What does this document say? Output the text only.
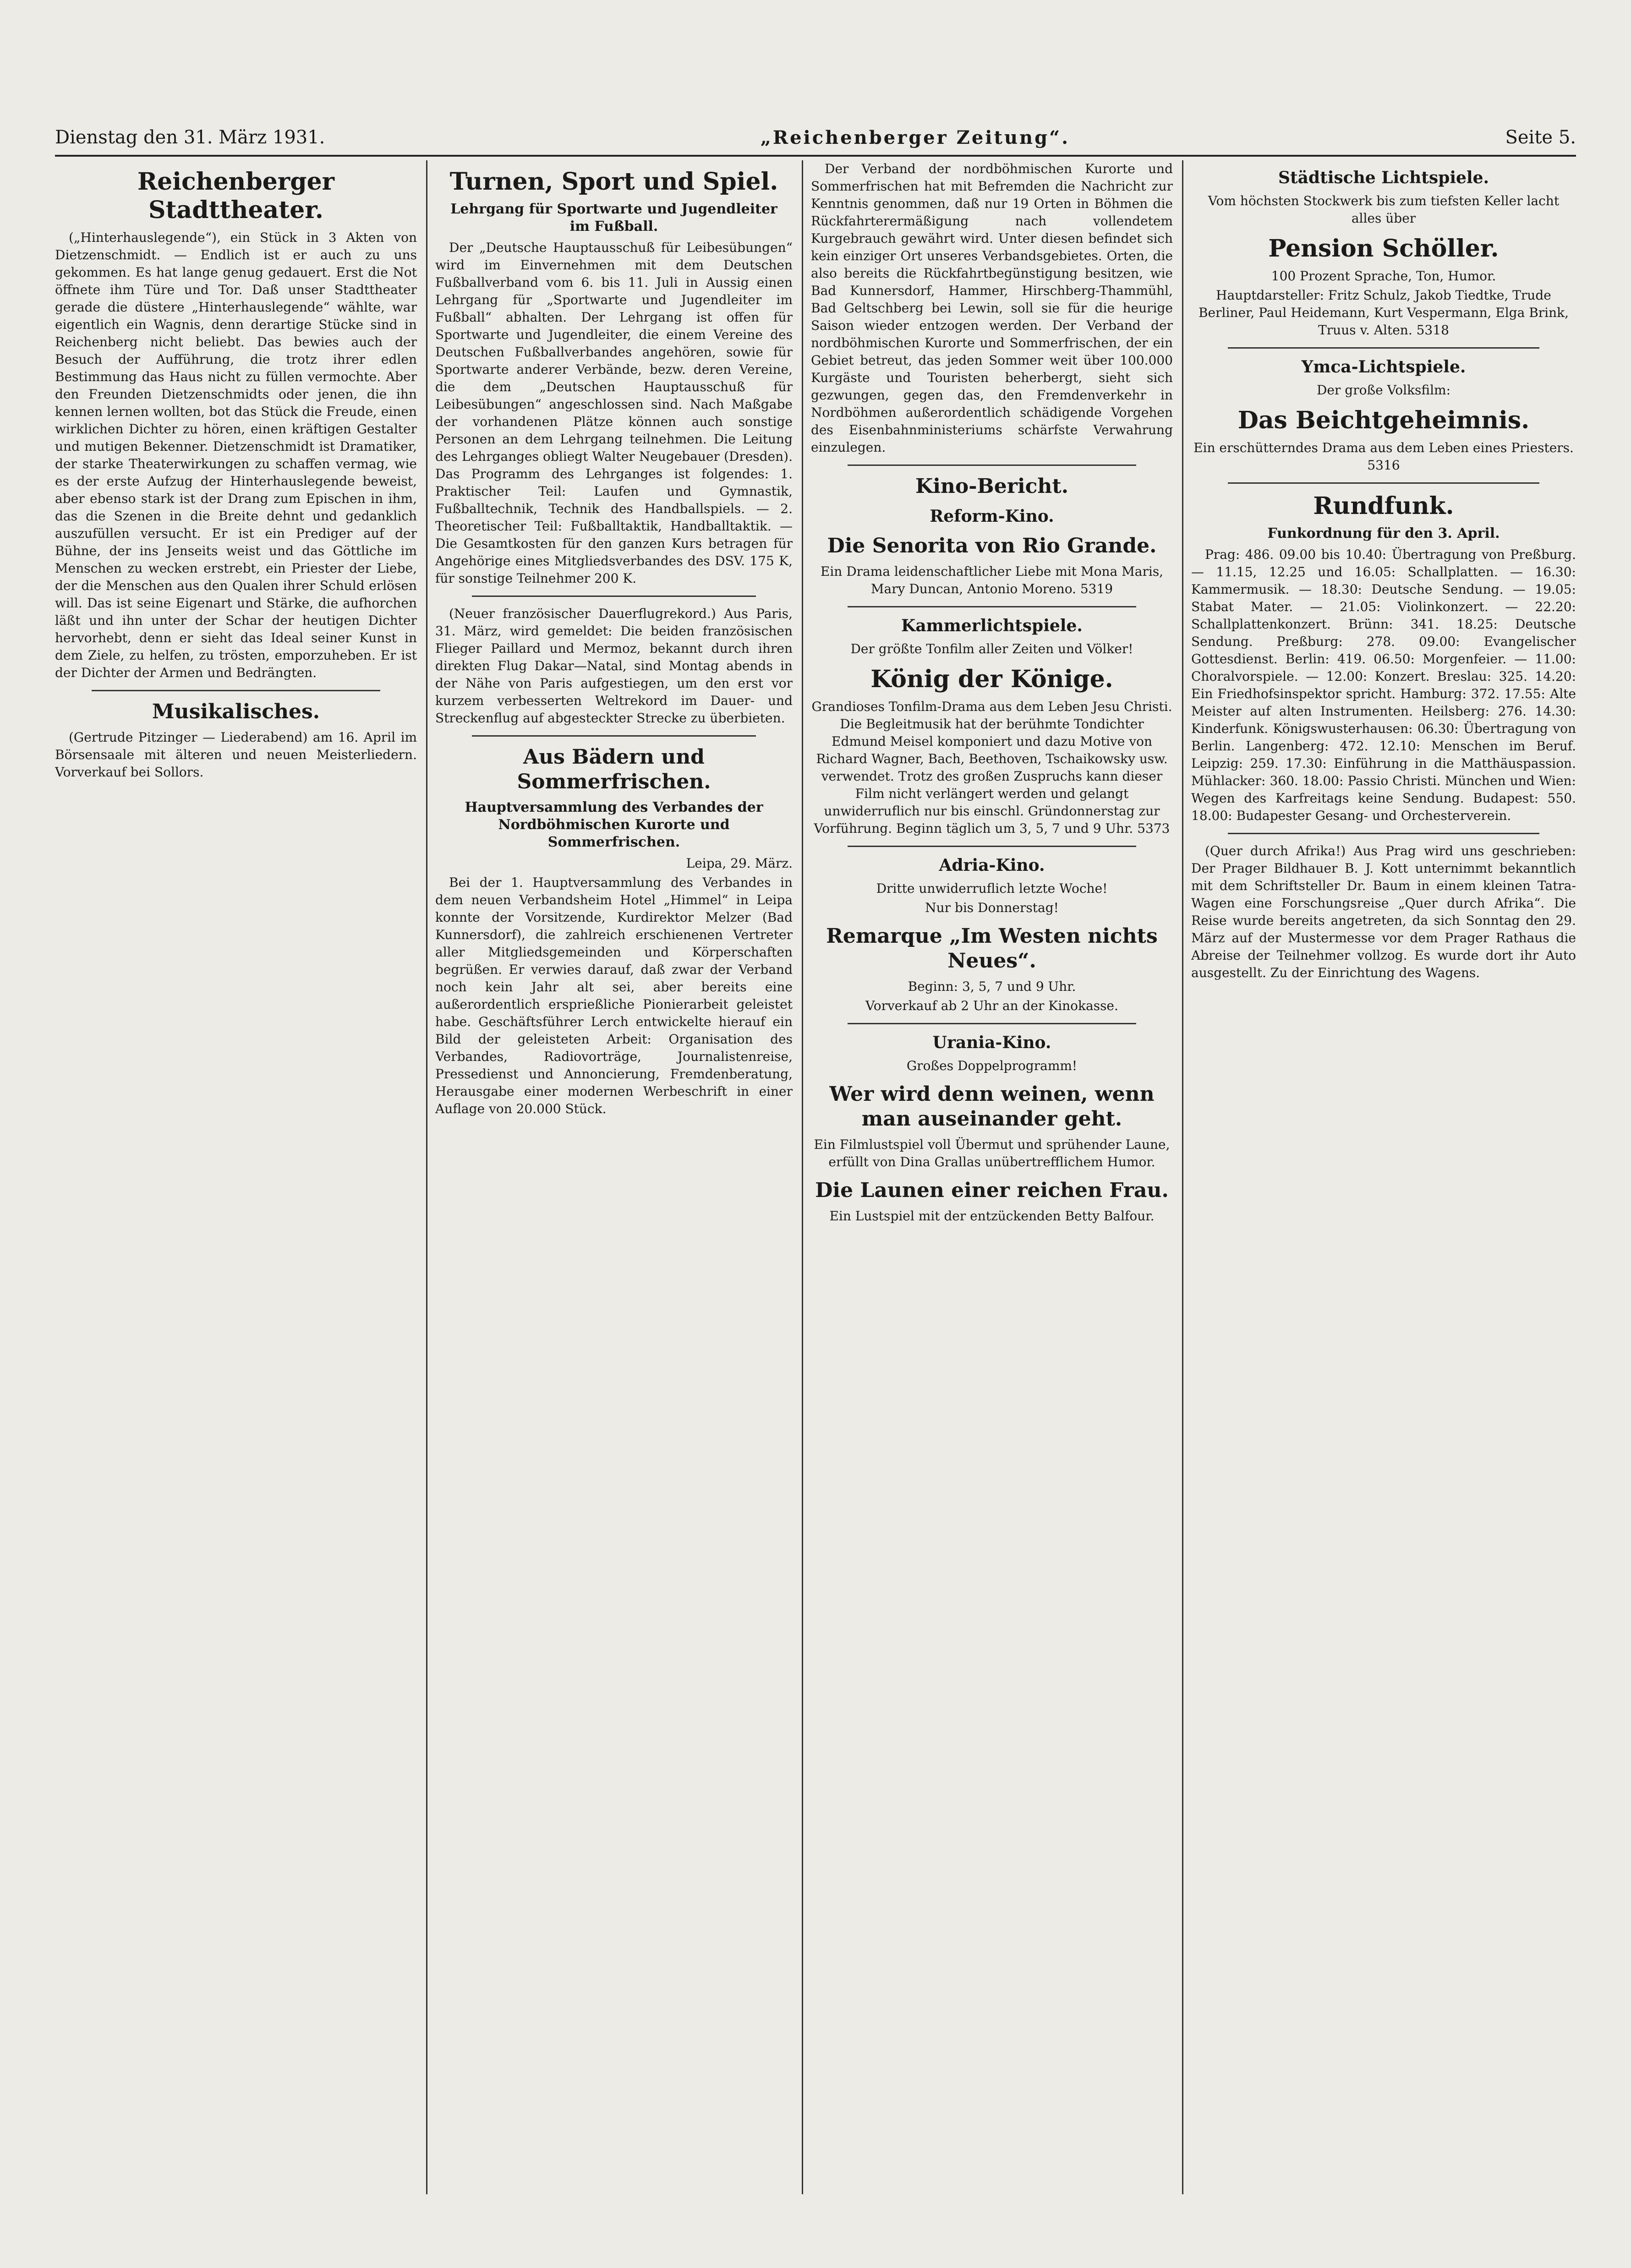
Dienstag den 31. März 1931.	„Reichenberger Zeitung“.	Seite 5.
Reichenberger Stadttheater.
(„Hinterhauslegende“), ein Stück in 3 Akten von Dietzenschmidt. — Endlich ist er auch zu uns gekommen. Es hat lange genug gedauert. Erst die Not öffnete ihm Türe und Tor. Daß unser Stadttheater gerade die düstere „Hinterhauslegende“ wählte, war eigentlich ein Wagnis, denn derartige Stücke sind in Reichenberg nicht beliebt. Das bewies auch der Besuch der Aufführung, die trotz ihrer edlen Bestimmung das Haus nicht zu füllen vermochte. Aber den Freunden Dietzenschmidts oder jenen, die ihn kennen lernen wollten, bot das Stück die Freude, einen wirklichen Dichter zu hören, einen kräftigen Gestalter und mutigen Bekenner. Dietzenschmidt ist Dramatiker, der starke Theaterwirkungen zu schaffen vermag, wie es der erste Aufzug der Hinterhauslegende beweist, aber ebenso stark ist der Drang zum Epischen in ihm, das die Szenen in die Breite dehnt und gedanklich auszufüllen versucht. Er ist ein Prediger auf der Bühne, der ins Jenseits weist und das Göttliche im Menschen zu wecken erstrebt, ein Priester der Liebe, der die Menschen aus den Qualen ihrer Schuld erlösen will. Das ist seine Eigenart und Stärke, die aufhorchen läßt und ihn unter der Schar der heutigen Dichter hervorhebt, denn er sieht das Ideal seiner Kunst in dem Ziele, zu helfen, zu trösten, emporzuheben. Er ist der Dichter der Armen und Bedrängten.
Musikalisches.
(Gertrude Pitzinger — Liederabend) am 16. April im Börsensaale mit älteren und neuen Meisterliedern. Vorverkauf bei Sollors.
Turnen, Sport und Spiel.
Lehrgang für Sportwarte und Jugendleiter im Fußball.
Der „Deutsche Hauptausschuß für Leibesübungen“ wird im Einvernehmen mit dem Deutschen Fußballverband vom 6. bis 11. Juli in Aussig einen Lehrgang für „Sportwarte und Jugendleiter im Fußball“ abhalten. Der Lehrgang ist offen für Sportwarte und Jugendleiter, die einem Vereine des Deutschen Fußballverbandes angehören, sowie für Sportwarte anderer Verbände, bezw. deren Vereine, die dem „Deutschen Hauptausschuß für Leibesübungen“ angeschlossen sind. Nach Maßgabe der vorhandenen Plätze können auch sonstige Personen an dem Lehrgang teilnehmen. Die Leitung des Lehrganges obliegt Walter Neugebauer (Dresden). Das Programm des Lehrganges ist folgendes: 1. Praktischer Teil: Laufen und Gymnastik, Fußballtechnik, Technik des Handballspiels. — 2. Theoretischer Teil: Fußballtaktik, Handballtaktik. — Die Gesamtkosten für den ganzen Kurs betragen für Angehörige eines Mitgliedsverbandes des DSV. 175 K, für sonstige Teilnehmer 200 K.
(Neuer französischer Dauerflugrekord.) Aus Paris, 31. März, wird gemeldet: Die beiden französischen Flieger Paillard und Mermoz, bekannt durch ihren direkten Flug Dakar—Natal, sind Montag abends in der Nähe von Paris aufgestiegen, um den erst vor kurzem verbesserten Weltrekord im Dauer- und Streckenflug auf abgesteckter Strecke zu überbieten.
Aus Bädern und Sommerfrischen.
Hauptversammlung des Verbandes der Nordböhmischen Kurorte und Sommerfrischen.
Leipa, 29. März.
Bei der 1. Hauptversammlung des Verbandes in dem neuen Verbandsheim Hotel „Himmel“ in Leipa konnte der Vorsitzende, Kurdirektor Melzer (Bad Kunnersdorf), die zahlreich erschienenen Vertreter aller Mitgliedsgemeinden und Körperschaften begrüßen. Er verwies darauf, daß zwar der Verband noch kein Jahr alt sei, aber bereits eine außerordentlich ersprießliche Pionierarbeit geleistet habe. Geschäftsführer Lerch entwickelte hierauf ein Bild der geleisteten Arbeit: Organisation des Verbandes, Radiovorträge, Journalistenreise, Pressedienst und Annoncierung, Fremdenberatung, Herausgabe einer modernen Werbeschrift in einer Auflage von 20.000 Stück.
Der Verband der nordböhmischen Kurorte und Sommerfrischen hat mit Befremden die Nachricht zur Kenntnis genommen, daß nur 19 Orten in Böhmen die Rückfahrterermäßigung nach vollendetem Kurgebrauch gewährt wird. Unter diesen befindet sich kein einziger Ort unseres Verbandsgebietes. Orten, die also bereits die Rückfahrtbegünstigung besitzen, wie Bad Kunnersdorf, Hammer, Hirschberg-Thammühl, Bad Geltschberg bei Lewin, soll sie für die heurige Saison wieder entzogen werden. Der Verband der nordböhmischen Kurorte und Sommerfrischen, der ein Gebiet betreut, das jeden Sommer weit über 100.000 Kurgäste und Touristen beherbergt, sieht sich gezwungen, gegen das, den Fremdenverkehr in Nordböhmen außerordentlich schädigende Vorgehen des Eisenbahnministeriums schärfste Verwahrung einzulegen.
Kino-Bericht.
Reform-Kino.
Die Senorita von Rio Grande.
Ein Drama leidenschaftlicher Liebe mit Mona Maris, Mary Duncan, Antonio Moreno. 5319
Kammerlichtspiele.
Der größte Tonfilm aller Zeiten und Völker!
König der Könige.
Grandioses Tonfilm-Drama aus dem Leben Jesu Christi. Die Begleitmusik hat der berühmte Tondichter Edmund Meisel komponiert und dazu Motive von Richard Wagner, Bach, Beethoven, Tschaikowsky usw. verwendet. Trotz des großen Zuspruchs kann dieser Film nicht verlängert werden und gelangt unwiderruflich nur bis einschl. Gründonnerstag zur Vorführung. Beginn täglich um 3, 5, 7 und 9 Uhr. 5373
Adria-Kino.
Dritte unwiderruflich letzte Woche!
Nur bis Donnerstag!
Remarque „Im Westen nichts Neues“.
Beginn: 3, 5, 7 und 9 Uhr.
Vorverkauf ab 2 Uhr an der Kinokasse.
Urania-Kino.
Großes Doppelprogramm!
Wer wird denn weinen, wenn man auseinander geht.
Ein Filmlustspiel voll Übermut und sprühender Laune, erfüllt von Dina Grallas unübertrefflichem Humor.
Die Launen einer reichen Frau.
Ein Lustspiel mit der entzückenden Betty Balfour.
Städtische Lichtspiele.
Vom höchsten Stockwerk bis zum tiefsten Keller lacht alles über
Pension Schöller.
100 Prozent Sprache, Ton, Humor.
Hauptdarsteller: Fritz Schulz, Jakob Tiedtke, Trude Berliner, Paul Heidemann, Kurt Vespermann, Elga Brink, Truus v. Alten. 5318
Ymca-Lichtspiele.
Der große Volksfilm:
Das Beichtgeheimnis.
Ein erschütterndes Drama aus dem Leben eines Priesters. 5316
Rundfunk.
Funkordnung für den 3. April.
Prag: 486. 09.00 bis 10.40: Übertragung von Preßburg. — 11.15, 12.25 und 16.05: Schallplatten. — 16.30: Kammermusik. — 18.30: Deutsche Sendung. — 19.05: Stabat Mater. — 21.05: Violinkonzert. — 22.20: Schallplattenkonzert. Brünn: 341. 18.25: Deutsche Sendung. Preßburg: 278. 09.00: Evangelischer Gottesdienst. Berlin: 419. 06.50: Morgenfeier. — 11.00: Choralvorspiele. — 12.00: Konzert. Breslau: 325. 14.20: Ein Friedhofsinspektor spricht. Hamburg: 372. 17.55: Alte Meister auf alten Instrumenten. Heilsberg: 276. 14.30: Kinderfunk. Königswusterhausen: 06.30: Übertragung von Berlin. Langenberg: 472. 12.10: Menschen im Beruf. Leipzig: 259. 17.30: Einführung in die Matthäuspassion. Mühlacker: 360. 18.00: Passio Christi. München und Wien: Wegen des Karfreitags keine Sendung. Budapest: 550. 18.00: Budapester Gesang- und Orchesterverein.
(Quer durch Afrika!) Aus Prag wird uns geschrieben: Der Prager Bildhauer B. J. Kott unternimmt bekanntlich mit dem Schriftsteller Dr. Baum in einem kleinen Tatra-Wagen eine Forschungsreise „Quer durch Afrika“. Die Reise wurde bereits angetreten, da sich Sonntag den 29. März auf der Mustermesse vor dem Prager Rathaus die Abreise der Teilnehmer vollzog. Es wurde dort ihr Auto ausgestellt. Zu der Einrichtung des Wagens.
